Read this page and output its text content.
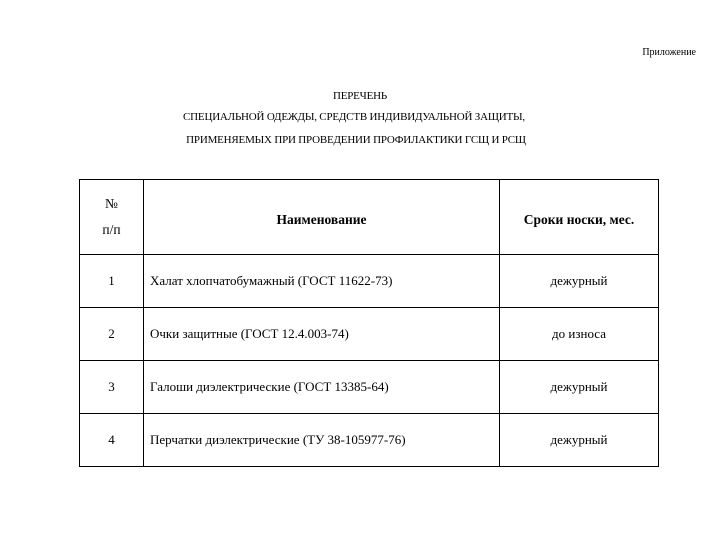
Приложение
ПЕРЕЧЕНЬ
СПЕЦИАЛЬНОЙ ОДЕЖДЫ, СРЕДСТВ ИНДИВИДУАЛЬНОЙ ЗАЩИТЫ,
ПРИМЕНЯЕМЫХ ПРИ ПРОВЕДЕНИИ ПРОФИЛАКТИКИ ГСЩ И РСЩ
№
п/п	Наименование	Сроки носки, мес.
1	Халат хлопчатобумажный (ГОСТ 11622-73)	дежурный
2	Очки защитные (ГОСТ 12.4.003-74)	до износа
3	Галоши диэлектрические (ГОСТ 13385-64)	дежурный
4	Перчатки диэлектрические (ТУ 38-105977-76)	дежурный
